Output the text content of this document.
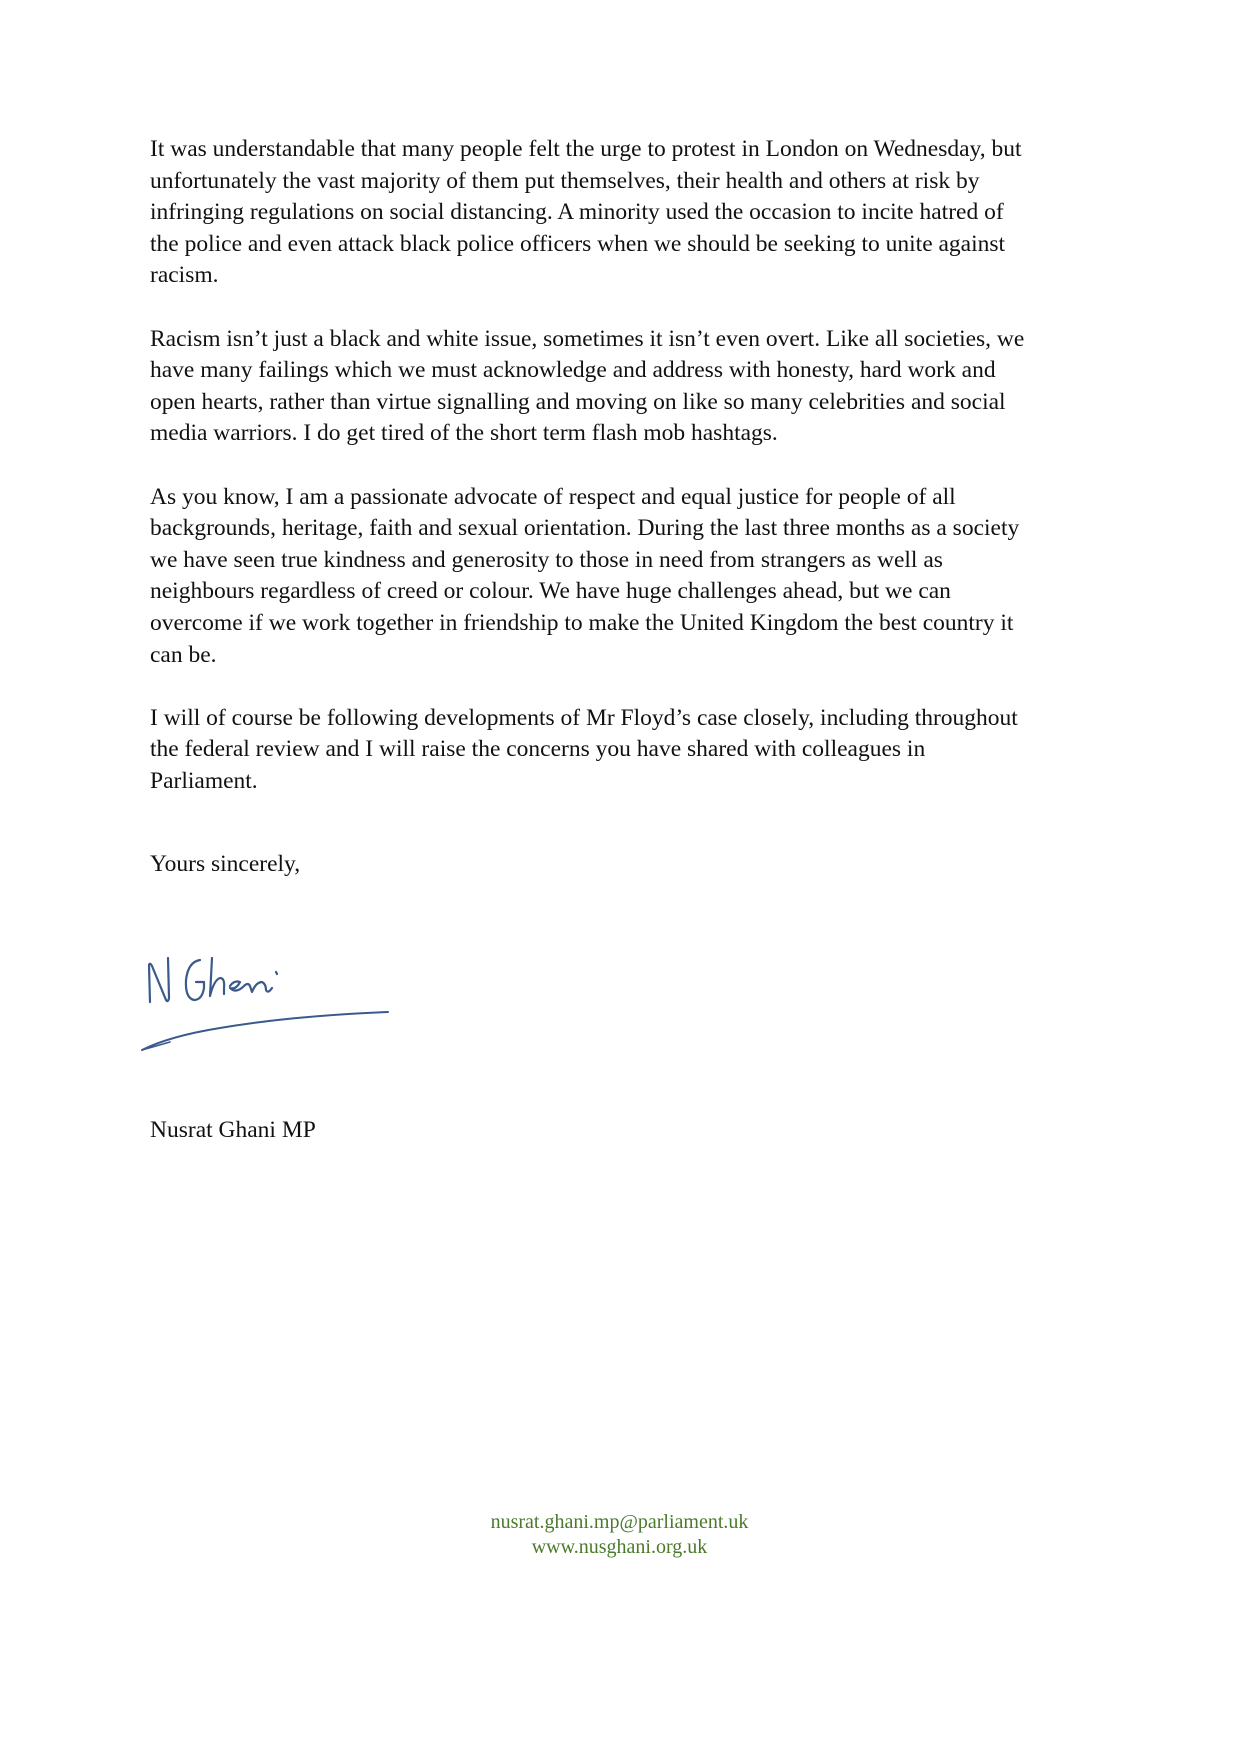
It was understandable that many people felt the urge to protest in London on Wednesday, but
unfortunately the vast majority of them put themselves, their health and others at risk by
infringing regulations on social distancing. A minority used the occasion to incite hatred of
the police and even attack black police officers when we should be seeking to unite against
racism.

Racism isn’t just a black and white issue, sometimes it isn’t even overt. Like all societies, we
have many failings which we must acknowledge and address with honesty, hard work and
open hearts, rather than virtue signalling and moving on like so many celebrities and social
media warriors. I do get tired of the short term flash mob hashtags.

As you know, I am a passionate advocate of respect and equal justice for people of all
backgrounds, heritage, faith and sexual orientation. During the last three months as a society
we have seen true kindness and generosity to those in need from strangers as well as
neighbours regardless of creed or colour. We have huge challenges ahead, but we can
overcome if we work together in friendship to make the United Kingdom the best country it
can be.

I will of course be following developments of Mr Floyd’s case closely, including throughout
the federal review and I will raise the concerns you have shared with colleagues in
Parliament.

Yours sincerely,

Nusrat Ghani MP

nusrat.ghani.mp@parliament.uk
www.nusghani.org.uk
